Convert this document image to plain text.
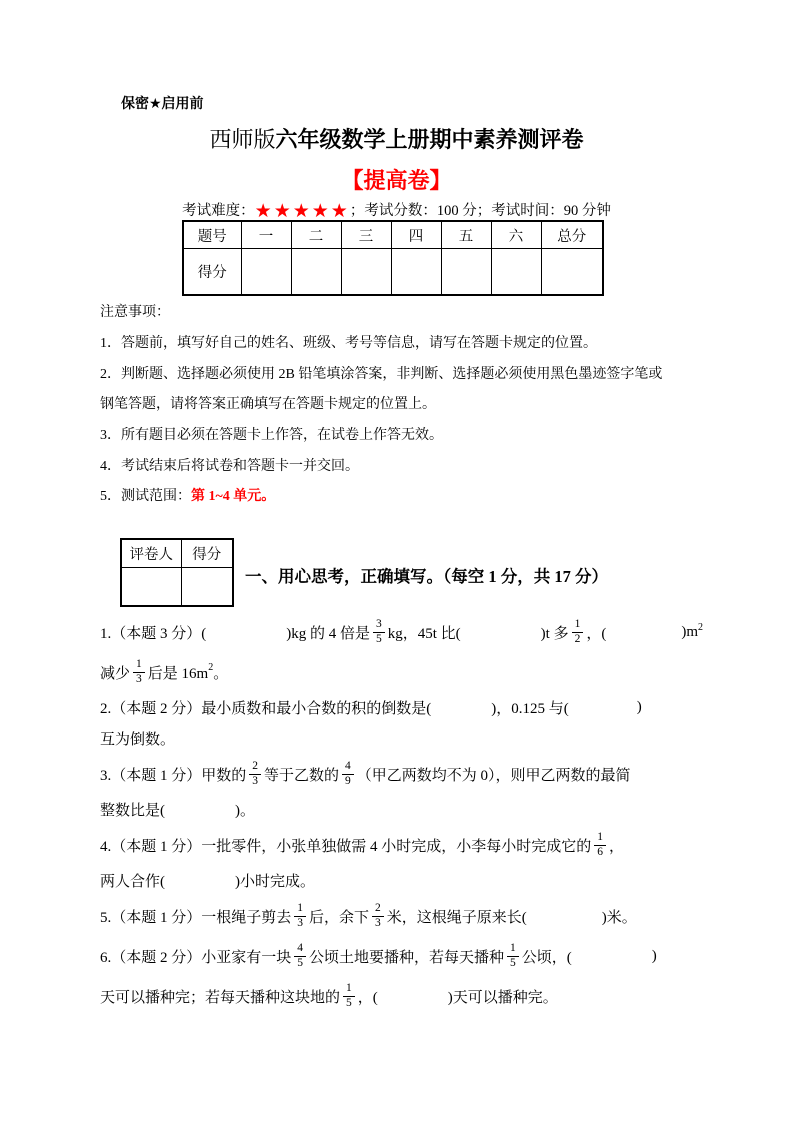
保密★启用前
西师版六年级数学上册期中素养测评卷
【提高卷】
考试难度：★★★★★；考试分数：100 分；考试时间：90 分钟
题号	一	二	三	四	五	六	总分
得分							
注意事项：
1．答题前，填写好自己的姓名、班级、考号等信息，请写在答题卡规定的位置。
2．判断题、选择题必须使用 2B 铅笔填涂答案，非判断、选择题必须使用黑色墨迹签字笔或
钢笔答题，请将答案正确填写在答题卡规定的位置上。
3．所有题目必须在答题卡上作答，在试卷上作答无效。
4．考试结束后将试卷和答题卡一并交回。
5．测试范围： 第 1~4 单元。
评卷人	得分

一、用心思考，正确填写。（每空 1 分，共 17 分）
1.（本题 3 分）(	)kg 的 4 倍是 $\frac{3}{5}$ kg，45t 比(	)t 多 $\frac{1}{2}$ ，(	)m 2
减少 $\frac{1}{3}$ 后是 16m 2 。
2.（本题 2 分）最小质数和最小合数的积的倒数是(	)，0.125 与(	)
互为倒数。
3.（本题 1 分）甲数的 $\frac{2}{3}$ 等于乙数的 $\frac{4}{9}$ （甲乙两数均不为 0），则甲乙两数的最简
整数比是(	)。
4.（本题 1 分）一批零件，小张单独做需 4 小时完成，小李每小时完成它的 $\frac{1}{6}$ ，
两人合作(	)小时完成。
5.（本题 1 分）一根绳子剪去 $\frac{1}{3}$ 后，余下 $\frac{2}{3}$ 米，这根绳子原来长(	)米。
6.（本题 2 分）小亚家有一块 $\frac{4}{5}$ 公顷土地要播种，若每天播种 $\frac{1}{5}$ 公顷，(	)
天可以播种完；若每天播种这块地的 $\frac{1}{5}$ ，(	)天可以播种完。
